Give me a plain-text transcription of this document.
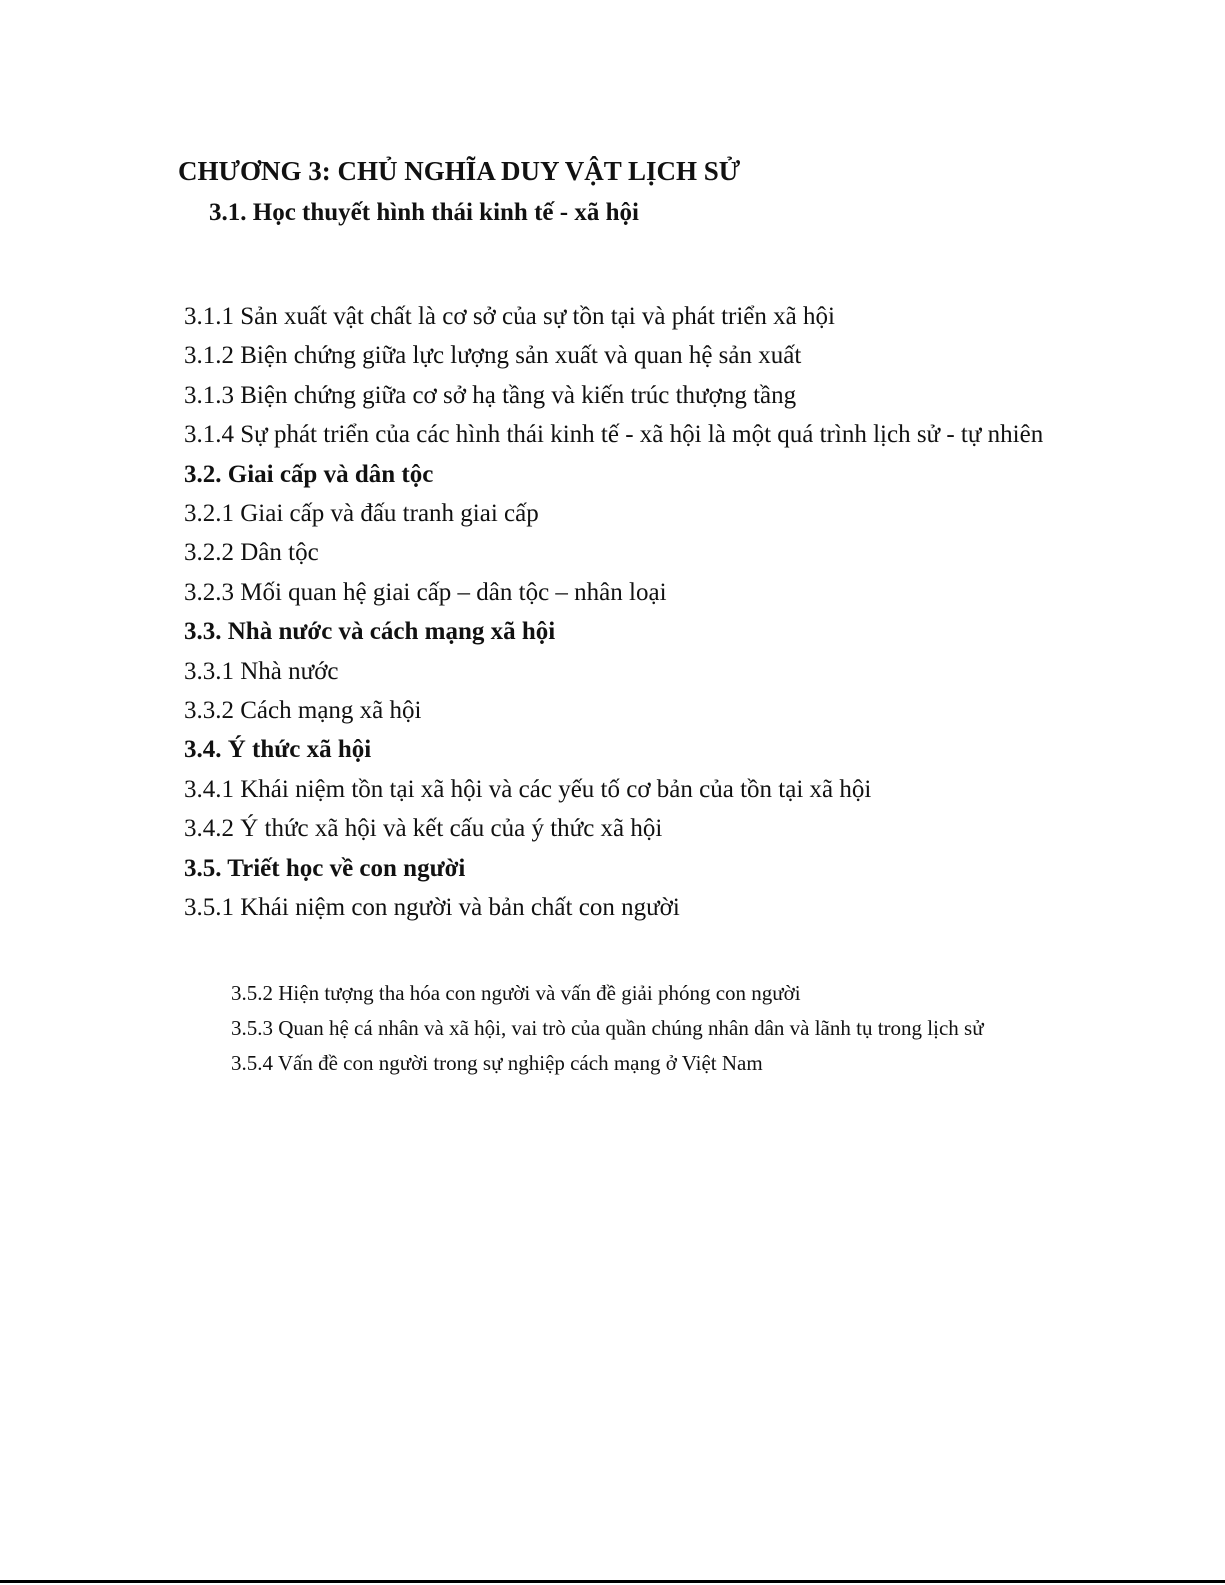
CHƯƠNG 3: CHỦ NGHĨA DUY VẬT LỊCH SỬ
3.1. Học thuyết hình thái kinh tế - xã hội
3.1.1 Sản xuất vật chất là cơ sở của sự tồn tại và phát triển xã hội
3.1.2 Biện chứng giữa lực lượng sản xuất và quan hệ sản xuất
3.1.3 Biện chứng giữa cơ sở hạ tầng và kiến trúc thượng tầng
3.1.4 Sự phát triển của các hình thái kinh tế - xã hội là một quá trình lịch sử - tự nhiên
3.2. Giai cấp và dân tộc
3.2.1 Giai cấp và đấu tranh giai cấp
3.2.2 Dân tộc
3.2.3 Mối quan hệ giai cấp – dân tộc – nhân loại
3.3. Nhà nước và cách mạng xã hội
3.3.1 Nhà nước
3.3.2 Cách mạng xã hội
3.4. Ý thức xã hội
3.4.1 Khái niệm tồn tại xã hội và các yếu tố cơ bản của tồn tại xã hội
3.4.2 Ý thức xã hội và kết cấu của ý thức xã hội
3.5. Triết học về con người
3.5.1 Khái niệm con người và bản chất con người
3.5.2 Hiện tượng tha hóa con người và vấn đề giải phóng con người
3.5.3 Quan hệ cá nhân và xã hội, vai trò của quần chúng nhân dân và lãnh tụ trong lịch sử
3.5.4 Vấn đề con người trong sự nghiệp cách mạng ở Việt Nam
